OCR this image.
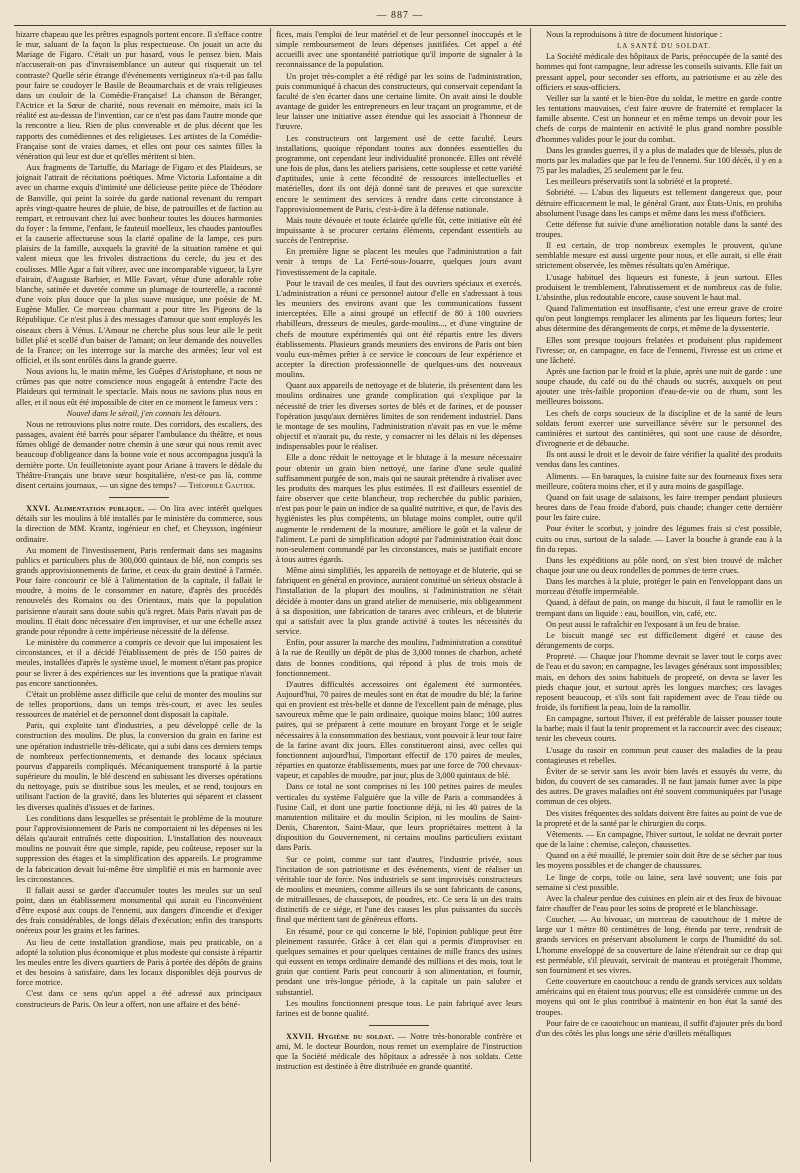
— 887 —

bizarre chapeau que les prêtres espagnols portent encore. Il s'efface contre le mur, saluant de la façon la plus respectueuse. On jouait un acte du Mariage de Figaro. C'était un pur hasard, vous le pensez bien. Mais n'accuserait-on pas d'invraisemblance un auteur qui risquerait un tel contraste? Quelle série étrange d'événements vertigineux n'a-t-il pas fallu pour faire se coudoyer le Basile de Beaumarchais et de vrais religieuses dans un couloir de la Comédie-Française! La chanson de Béranger, l'Actrice et la Sœur de charité, nous revenait en mémoire, mais ici la réalité est au-dessus de l'invention, car ce n'est pas dans l'autre monde que la rencontre a lieu. Rien de plus convenable et de plus décent que les rapports des comédiennes et des religieuses. Les artistes de la Comédie-Française sont de vraies dames, et elles ont pour ces saintes filles la vénération qui leur est due et qu'elles méritent si bien.

Aux fragments de Tartuffe, du Mariage de Figaro et des Plaideurs, se joignait l'attrait de récitations poétiques. Mme Victoria Lafontaine a dit avec un charme exquis d'intimité une délicieuse petite pièce de Théodore de Banville, qui peint la soirée du garde national revenant du rempart après vingt-quatre heures de pluie, de bise, de patrouilles et de faction au rempart, et retrouvant chez lui avec bonheur toutes les douces harmonies du foyer : la femme, l'enfant, le fauteuil moelleux, les chaudes pantoufles et la causerie affectueuse sous la clarté opaline de la lampe, ces purs plaisirs de la famille, auxquels la gravité de la situation ramène et qui valent mieux que les frivoles distractions du cercle, du jeu et des coulisses. Mlle Agar a fait vibrer, avec une incomparable vigueur, la Lyre d'airain, d'Auguste Barbier, et Mlle Favart, vêtue d'une adorable robe blanche, satinée et duvetée comme un plumage de tourterelle, a raconté d'une voix plus douce que la plus suave musique, une poésie de M. Eugène Muller. Ce morceau charmant a pour titre les Pigeons de la République. Ce n'est plus à des messages d'amour que sont employés les oiseaux chers à Vénus. L'Amour ne cherche plus sous leur aile le petit billet plié et scellé d'un baiser de l'amant; on leur demande des nouvelles de la France; on les interroge sur la marche des armées; leur vol est officiel, et ils sont enrôlés dans la grande guerre.

Nous avions lu, le matin même, les Guêpes d'Aristophane, et nous ne crûmes pas que notre conscience nous engageât à entendre l'acte des Plaideurs qui terminait le spectacle. Mais nous ne savions plus nous en aller, et il nous eût été impossible de citer en ce moment le fameux vers :

Nouvel dans le sérail, j'en connais les détours.

Nous ne retrouvions plus notre route. Des corridors, des escaliers, des passages, avaient été barrés pour séparer l'ambulance du théâtre, et nous fûmes obligé de demander notre chemin à une sœur qui nous remit avec beaucoup d'obligeance dans la bonne voie et nous accompagna jusqu'à la dernière porte. Un feuilletoniste ayant pour Ariane à travers le dédale du Théâtre-Français une brave sœur hospitalière, n'est-ce pas là, comme disent certains journaux, — un signe des temps? — Théophile Gautier.

XXVI. Alimentation publique. — On lira avec intérêt quelques détails sur les moulins à blé installés par le ministère du commerce, sous la direction de MM. Krantz, ingénieur en chef, et Cheysson, ingénieur ordinaire.

Au moment de l'investissement, Paris renfermait dans ses magasins publics et particuliers plus de 300,000 quintaux de blé, non compris ses grands approvisionnements de farine, et ceux du grain destiné à l'armée. Pour faire concourir ce blé à l'alimentation de la capitale, il fallait le moudre, à moins de le consommer en nature, d'après des procédés renouvelés des Romains ou des Orientaux, mais que la population parisienne n'aurait sans doute subis qu'à regret. Mais Paris n'avait pas de moulins. Il était donc nécessaire d'en improviser, et sur une échelle assez grande pour répondre à cette impérieuse nécessité de la défense.

Le ministère du commerce a compris ce devoir que lui imposaient les circonstances, et il a décidé l'établissement de près de 150 paires de meules, installées d'après le système usuel, le moment n'étant pas propice pour se livrer à des expériences sur les inventions que la pratique n'avait pas encore sanctionnées.

C'était un problème assez difficile que celui de monter des moulins sur de telles proportions, dans un temps très-court, et avec les seules ressources de matériel et de personnel dont disposait la capitale.

Paris, qui exploite tant d'industries, a peu développé celle de la construction des moulins. De plus, la conversion du grain en farine est une opération industrielle très-délicate, qui a subi dans ces derniers temps de nombreux perfectionnements, et demande des locaux spéciaux pourvus d'appareils compliqués. Mécaniquement transporté à la partie supérieure du moulin, le blé descend en subissant les diverses opérations du nettoyage, puis se distribue sous les meules, et se rend, toujours en utilisant l'action de la gravité, dans les bluteries qui séparent et classent les diverses qualités d'issues et de farines.

Les conditions dans lesquelles se présentait le problème de la mouture pour l'approvisionnement de Paris ne comportaient ni les dépenses ni les délais qu'aurait entraînés cette disposition. L'installation des nouveaux moulins ne pouvait être que simple, rapide, peu coûteuse, reposer sur la suppression des étages et la simplification des appareils. Le programme de la fabrication devait lui-même être simplifié et mis en harmonie avec les circonstances.

Il fallait aussi se garder d'accumuler toutes les meules sur un seul point, dans un établissement monumental qui aurait eu l'inconvénient d'être exposé aux coups de l'ennemi, aux dangers d'incendie et d'exiger des frais considérables, de longs délais d'exécution; enfin des transports onéreux pour les grains et les farines.

Au lieu de cette installation grandiose, mais peu praticable, on a adopté la solution plus économique et plus modeste qui consiste à répartir les meules entre les divers quartiers de Paris à portée des dépôts de grains et des besoins à satisfaire, dans les locaux disponibles déjà pourvus de force motrice.

C'est dans ce sens qu'un appel a été adressé aux principaux constructeurs de Paris. On leur a offert, non une affaire et des béné-

fices, mais l'emploi de leur matériel et de leur personnel inoccupés et le simple remboursement de leurs dépenses justifiées. Cet appel a été accueilli avec une spontanéité patriotique qu'il importe de signaler à la reconnaissance de la population.

Un projet très-complet a été rédigé par les soins de l'administration, puis communiqué à chacun des constructeurs, qui conservait cependant la faculté de s'en écarter dans une certaine limite. On avait ainsi le double avantage de guider les entrepreneurs en leur traçant un programme, et de leur laisser une initiative assez étendue qui les associait à l'honneur de l'œuvre.

Les constructeurs ont largement usé de cette faculté. Leurs installations, quoique répondant toutes aux données essentielles du programme, ont cependant leur individualité prononcée. Elles ont révélé une fois de plus, dans les ateliers parisiens, cette souplesse et cette variété d'aptitudes, unie à cette fécondité de ressources intellectuelles et matérielles, dont ils ont déjà donné tant de preuves et que surexcite encore le sentiment des services à rendre dans cette circonstance à l'approvisionnement de Paris, c'est-à-dire à la défense nationale.

Mais toute dévouée et toute éclairée qu'elle fût, cette initiative eût été impuissante à se procurer certains éléments, cependant essentiels au succès de l'entreprise.

En première ligne se placent les meules que l'administration a fait venir à temps de La Ferté-sous-Jouarre, quelques jours avant l'investissement de la capitale.

Pour le travail de ces meules, il faut des ouvriers spéciaux et exercés. L'administration a réuni ce personnel autour d'elle en s'adressant à tous les meuniers des environs avant que les communications fussent interceptées. Elle a ainsi groupé un effectif de 80 à 100 ouvriers rhabilleurs, dresseurs de meules, garde-moulins..., et d'une vingtaine de chefs de mouture expérimentés qui ont été répartis entre les divers établissements. Plusieurs grands meuniers des environs de Paris ont bien voulu eux-mêmes prêter à ce service le concours de leur expérience et accepter la direction professionnelle de quelques-uns des nouveaux moulins.

Quant aux appareils de nettoyage et de bluterie, ils présentent dans les moulins ordinaires une grande complication qui s'explique par la nécessité de trier les diverses sortes de blés et de farines, et de pousser l'opération jusqu'aux dernières limites de son rendement industriel. Dans le montage de ses moulins, l'administration n'avait pas en vue le même objectif et n'aurait pu, du reste, y consacrer ni les délais ni les dépenses indispensables pour le réaliser.

Elle a donc réduit le nettoyage et le blutage à la mesure nécessaire pour obtenir un grain bien nettoyé, une farine d'une seule qualité suffisamment purgée de son, mais qui ne saurait prétendre à rivaliser avec les produits des marques les plus estimées. Il est d'ailleurs essentiel de faire observer que cette blancheur, trop recherchée du public parisien, n'est pas pour le pain un indice de sa qualité nutritive, et que, de l'avis des hygiénistes les plus compétents, un blutage moins complet, outre qu'il augmente le rendement de la mouture, améliore le goût et la valeur de l'aliment. Le parti de simplification adopté par l'administration était donc non-seulement commandé par les circonstances, mais se justifiait encore à tous autres égards.

Même ainsi simplifiés, les appareils de nettoyage et de bluterie, qui se fabriquent en général en province, auraient constitué un sérieux obstacle à l'installation de la plupart des moulins, si l'administration ne s'était décidée à monter dans un grand atelier de menuiserie, mis obligeamment à sa disposition, une fabrication de tarares avec cribleurs, et de bluterie qui a satisfait avec la plus grande activité à toutes les nécessités du service.

Enfin, pour assurer la marche des moulins, l'administration a constitué à la rue de Reuilly un dépôt de plus de 3,000 tonnes de charbon, acheté dans de bonnes conditions, qui répond à plus de trois mois de fonctionnement.

D'autres difficultés accessoires ont également été surmontées. Aujourd'hui, 70 paires de meules sont en état de moudre du blé; la farine qui en provient est très-belle et donne de l'excellent pain de ménage, plus savoureux même que le pain ordinaire, quoique moins blanc; 100 autres paires, qui se préparent à cette mouture en broyant l'orge et le seigle nécessaires à la consommation des bestiaux, vont pouvoir à leur tour faire de la farine avant dix jours. Elles constitueront ainsi, avec celles qui fonctionnent aujourd'hui, l'important effectif de 170 paires de meules, réparties en quatorze établissements, mues par une force de 700 chevaux-vapeur, et capables de moudre, par jour, plus de 3,000 quintaux de blé.

Dans ce total ne sont comprises ni les 100 petites paires de meules verticales du système Falguière que la ville de Paris a commandées à l'usine Cail, et dont une partie fonctionne déjà, ni les 40 paires de la manutention militaire et du moulin Scipion, ni les moulins de Saint-Denis, Charenton, Saint-Maur, que leurs propriétaires mettent à la disposition du Gouvernement, ni certains moulins particuliers existant dans Paris.

Sur ce point, comme sur tant d'autres, l'industrie privée, sous l'incitation de son patriotisme et des événements, vient de réaliser un véritable tour de force. Nos industriels se sont improvisés constructeurs de moulins et meuniers, comme ailleurs ils se sont fabricants de canons, de mitrailleuses, de chassepots, de poudres, etc. Ce sera là un des traits distinctifs de ce siége, et l'une des causes les plus puissantes du succès final que méritent tant de généreux efforts.

En résumé, pour ce qui concerne le blé, l'opinion publique peut être pleinement rassurée. Grâce à cet élan qui a permis d'improviser en quelques semaines et pour quelques centaines de mille francs des usines qui eussent en temps ordinaire demandé des millions et des mois, tout le grain que contient Paris peut concourir à son alimentation, et fournir, pendant une très-longue période, à la capitale un pain salubre et substantiel.

Les moulins fonctionnent presque tous. Le pain fabriqué avec leurs farines est de bonne qualité.

XXVII. Hygiène du soldat. — Notre très-honorable confrère et ami, M. le docteur Bourdon, nous remet un exemplaire de l'instruction que la Société médicale des hôpitaux a adressée à nos soldats. Cette instruction est destinée à être distribuée en grande quantité.

Nous la reproduisons à titre de document historique :

LA SANTÉ DU SOLDAT.

La Société médicale des hôpitaux de Paris, préoccupée de la santé des hommes qui font campagne, leur adresse les conseils suivants. Elle fait un pressant appel, pour seconder ses efforts, au patriotisme et au zèle des officiers et sous-officiers.

Veiller sur la santé et le bien-être du soldat, le mettre en garde contre les tentations mauvaises, c'est faire œuvre de fraternité et remplacer la famille absente. C'est un honneur et en même temps un devoir pour les chefs de corps de maintenir en activité le plus grand nombre possible d'hommes valides pour le jour du combat.

Dans les grandes guerres, il y a plus de malades que de blessés, plus de morts par les maladies que par le feu de l'ennemi. Sur 100 décès, il y en a 75 par les maladies, 25 seulement par le feu.

Les meilleurs préservatifs sont la sobriété et la propreté.

Sobriété. — L'abus des liqueurs est tellement dangereux que, pour détruire efficacement le mal, le général Grant, aux États-Unis, en prohiba absolument l'usage dans les camps et même dans les mess d'officiers.

Cette défense fut suivie d'une amélioration notable dans la santé des troupes.

Il est certain, de trop nombreux exemples le prouvent, qu'une semblable mesure est aussi urgente pour nous, et elle aurait, si elle était strictement observée, les mêmes résultats qu'en Amérique.

L'usage habituel des liqueurs est funeste, à jeun surtout. Elles produisent le tremblement, l'abrutissement et de nombreux cas de folie. L'absinthe, plus redoutable encore, cause souvent le haut mal.

Quand l'alimentation est insuffisante, c'est une erreur grave de croire qu'on peut longtemps remplacer les aliments par les liqueurs fortes; leur abus détermine des dérangements de corps, et même de la dyssenterie.

Elles sont presque toujours frelatées et produisent plus rapidement l'ivresse; or, en campagne, en face de l'ennemi, l'ivresse est un crime et une lâcheté.

Après une faction par le froid et la pluie, après une nuit de garde : une soupe chaude, du café ou du thé chauds ou sucrés, auxquels on peut ajouter une très-faible proportion d'eau-de-vie ou de rhum, sont les meilleures boissons.

Les chefs de corps soucieux de la discipline et de la santé de leurs soldats feront exercer une surveillance sévère sur le personnel des cantinières et surtout des cantinières, qui sont une cause de désordre, d'ivrognerie et de débauche.

Ils ont aussi le droit et le devoir de faire vérifier la qualité des produits vendus dans les cantines.

Aliments. — En baraques, la cuisine faite sur des fourneaux fixes sera meilleure, coûtera moins cher, et il y aura moins de gaspillage.

Quand on fait usage de salaisons, les faire tremper pendant plusieurs heures dans de l'eau froide d'abord, puis chaude; changer cette dernière pour les faire cuire.

Pour éviter le scorbut, y joindre des légumes frais si c'est possible, cuits ou crus, surtout de la salade. — Laver la bouche à grande eau à la fin du repas.

Dans les expéditions au pôle nord, on s'est bien trouvé de mâcher chaque jour une ou deux rondelles de pommes de terre crues.

Dans les marches à la pluie, protéger le pain en l'enveloppant dans un morceau d'étoffe imperméable.

Quand, à défaut de pain, on mange du biscuit, il faut le ramollir en le trempant dans un liquide : eau, bouillon, vin, café, etc.

On peut aussi le rafraîchir en l'exposant à un feu de braise.

Le biscuit mangé sec est difficilement digéré et cause des dérangements de corps.

Propreté. — Chaque jour l'homme devrait se laver tout le corps avec de l'eau et du savon; en campagne, les lavages généraux sont impossibles; mais, en dehors des soins habituels de propreté, on devra se laver les pieds chaque jour, et surtout après les longues marches; ces lavages reposent beaucoup, et s'ils sont fait rapidement avec de l'eau tiède ou froide, ils fortifient la peau, loin de la ramollir.

En campagne, surtout l'hiver, il est préférable de laisser pousser toute la barbe; mais il faut la tenir proprement et la raccourcir avec des ciseaux; tenir les cheveux courts.

L'usage du rasoir en commun peut causer des maladies de la peau contagieuses et rebelles.

Éviter de se servir sans les avoir bien lavés et essuyés du verre, du bidon, du couvert de ses camarades. Il ne faut jamais fumer avec la pipe des autres. De graves maladies ont été souvent communiquées par l'usage commun de ces objets.

Des visites fréquentes des soldats doivent être faites au point de vue de la propreté et de la santé par le chirurgien du corps.

Vêtements. — En campagne, l'hiver surtout, le soldat ne devrait porter que de la laine : chemise, caleçon, chaussettes.

Quand on a été mouillé, le premier soin doit être de se sécher par tous les moyens possibles et de changer de chaussures.

Le linge de corps, toile ou laine, sera lavé souvent; une fois par semaine si c'est possible.

Avec la chaleur perdue des cuisines en plein air et des feux de bivouac faire chauffer de l'eau pour les soins de propreté et le blanchissage.

Coucher. — Au bivouac, un morceau de caoutchouc de 1 mètre de large sur 1 mètre 80 centimètres de long, étendu par terre, rendrait de grands services en préservant absolument le corps de l'humidité du sol. L'homme enveloppé de sa couverture de laine n'étendrait sur ce drap qui est perméable, s'il pleuvait, servirait de manteau et protégerait l'homme, son fourniment et ses vivres.

Cette couverture en caoutchouc a rendu de grands services aux soldats américains qui en étaient tous pourvus; elle est considérée comme un des moyens qui ont le plus contribué à maintenir en bon état la santé des troupes.

Pour faire de ce caoutchouc un manteau, il suffit d'ajouter près du bord d'un des côtés les plus longs une série d'œillets métalliques
